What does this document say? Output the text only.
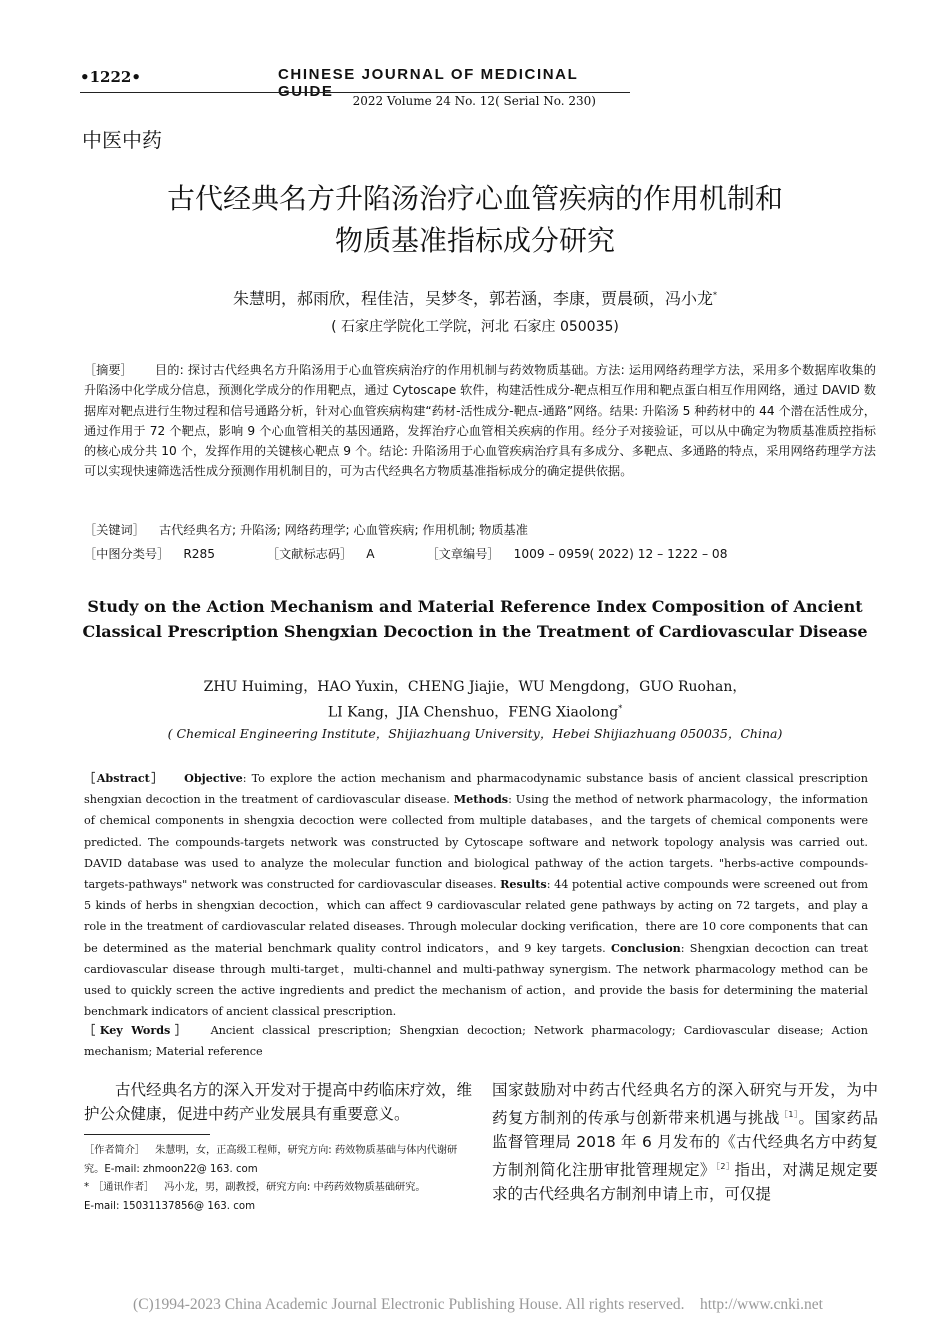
•1222•	CHINESE JOURNAL OF MEDICINAL GUIDE
2022 Volume 24 No. 12( Serial No. 230)
中医中药
古代经典名方升陷汤治疗心血管疾病的作用机制和
物质基准指标成分研究
朱慧明，郝雨欣，程佳洁，吴梦冬，郭若涵，李康，贾晨硕，冯小龙*
( 石家庄学院化工学院，河北 石家庄 050035)
［摘要］ 目的: 探讨古代经典名方升陷汤用于心血管疾病治疗的作用机制与药效物质基础。方法: 运用网络药理学方法，采用多个数据库收集的升陷汤中化学成分信息，预测化学成分的作用靶点，通过 Cytoscape 软件，构建活性成分-靶点相互作用和靶点蛋白相互作用网络，通过 DAVID 数据库对靶点进行生物过程和信号通路分析，针对心血管疾病构建“药材-活性成分-靶点-通路”网络。结果: 升陷汤 5 种药材中的 44 个潜在活性成分，通过作用于 72 个靶点，影响 9 个心血管相关的基因通路，发挥治疗心血管相关疾病的作用。经分子对接验证，可以从中确定为物质基准质控指标的核心成分共 10 个，发挥作用的关键核心靶点 9 个。结论: 升陷汤用于心血管疾病治疗具有多成分、多靶点、多通路的特点，采用网络药理学方法可以实现快速筛选活性成分预测作用机制目的，可为古代经典名方物质基准指标成分的确定提供依据。
［关键词］ 古代经典名方; 升陷汤; 网络药理学; 心血管疾病; 作用机制; 物质基准
［中图分类号］ R285	［文献标志码］ A	［文章编号］ 1009 – 0959( 2022) 12 – 1222 – 08
Study on the Action Mechanism and Material Reference Index Composition of Ancient
Classical Prescription Shengxian Decoction in the Treatment of Cardiovascular Disease
ZHU Huiming，HAO Yuxin，CHENG Jiajie，WU Mengdong，GUO Ruohan，
LI Kang，JIA Chenshuo，FENG Xiaolong*
( Chemical Engineering Institute，Shijiazhuang University，Hebei Shijiazhuang 050035，China)
［Abstract］ Objective: To explore the action mechanism and pharmacodynamic substance basis of ancient classical prescription shengxian decoction in the treatment of cardiovascular disease. Methods: Using the method of network pharmacology，the information of chemical components in shengxia decoction were collected from multiple databases，and the targets of chemical components were predicted. The compounds-targets network was constructed by Cytoscape software and network topology analysis was carried out. DAVID database was used to analyze the molecular function and biological pathway of the action targets. "herbs-active compounds-targets-pathways" network was constructed for cardiovascular diseases. Results: 44 potential active compounds were screened out from 5 kinds of herbs in shengxian decoction，which can affect 9 cardiovascular related gene pathways by acting on 72 targets，and play a role in the treatment of cardiovascular related diseases. Through molecular docking verification，there are 10 core components that can be determined as the material benchmark quality control indicators，and 9 key targets. Conclusion: Shengxian decoction can treat cardiovascular disease through multi-target，multi-channel and multi-pathway synergism. The network pharmacology method can be used to quickly screen the active ingredients and predict the mechanism of action，and provide the basis for determining the material benchmark indicators of ancient classical prescription.
［Key Words］ Ancient classical prescription; Shengxian decoction; Network pharmacology; Cardiovascular disease; Action mechanism; Material reference
古代经典名方的深入开发对于提高中药临床疗效，维护公众健康，促进中药产业发展具有重要意义。
［作者简介］ 朱慧明，女，正高级工程师，研究方向: 药效物质基础与体内代谢研究。E-mail: zhmoon22@ 163. com
* ［通讯作者］ 冯小龙，男，副教授，研究方向: 中药药效物质基础研究。
E-mail: 15031137856@ 163. com
国家鼓励对中药古代经典名方的深入研究与开发，为中药复方制剂的传承与创新带来机遇与挑战$^{[1]}$。国家药品监督管理局 2018 年 6 月发布的《古代经典名方中药复方制剂简化注册审批管理规定》$^{[2]}$指出，对满足规定要求的古代经典名方制剂申请上市，可仅提
(C)1994-2023 China Academic Journal Electronic Publishing House. All rights reserved.    http://www.cnki.net
